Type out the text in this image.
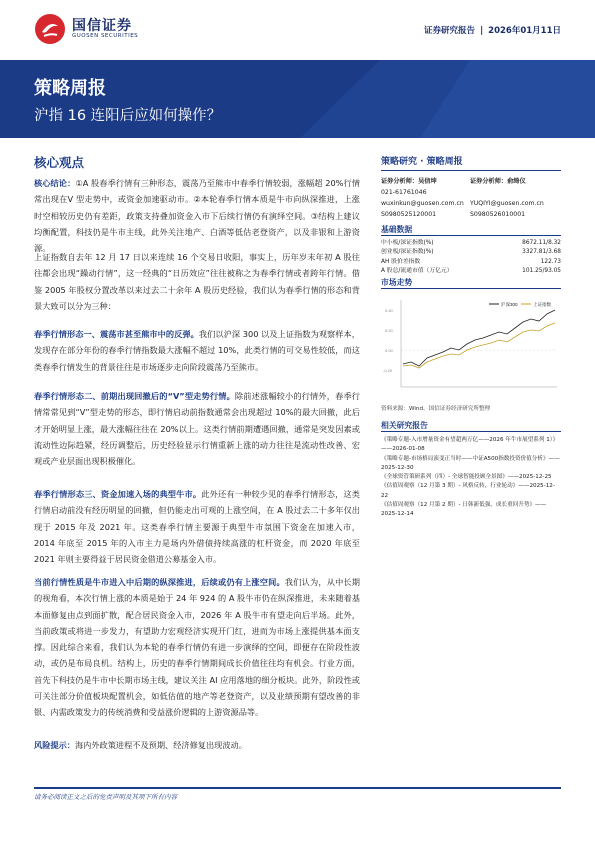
国信证券
GUOSEN SECURITIES	证券研究报告 | 2026年01月11日
策略周报
沪指 16 连阳后应如何操作？
核心观点
核心结论：①A 股春季行情有三种形态，震荡乃至熊市中春季行情较弱，涨幅超 20%行情常出现在V 型走势中，或资金加速驱动市。②本轮春季行情本质是牛市向纵深推进，上涨时空相较历史仍有差距，政策支持叠加资金入市下后续行情仍有演绎空间。③结构上建议均衡配置，科技仍是牛市主线，此外关注地产、白酒等低估老登资产，以及非银和上游资源。
上证指数自去年 12 月 17 日以来连续 16 个交易日收阳，事实上，历年岁末年初 A 股往往都会出现“躁动行情”，这一经典的“日历效应”往往被称之为春季行情或者跨年行情。借鉴 2005 年股权分置改革以来过去二十余年 A 股历史经验，我们认为春季行情的形态和背景大致可以分为三种：
春季行情形态一、震荡市甚至熊市中的反弹。我们以沪深 300 以及上证指数为观察样本，发现存在部分年份的春季行情指数最大涨幅不超过 10%，此类行情的可交易性较低，而这类春季行情发生的背景往往是市场逐步走向阶段震荡乃至熊市。
春季行情形态二、前期出现回撤后的“V”型走势行情。除前述涨幅较小的行情外，春季行情常常见到“V”型走势的形态，即行情启动前指数通常会出现超过 10%的最大回撤，此后才开始明显上涨，最大涨幅往往在 20%以上。这类行情前期遭遇回撤，通常是突发因素或流动性边际趋紧，经历调整后，历史经验显示行情重新上涨的动力往往是流动性改善、宏观或产业层面出现积极催化。
春季行情形态三、资金加速入场的典型牛市。此外还有一种较少见的春季行情形态，这类行情启动前没有经历明显的回撤，但仍能走出可观的上涨空间，在 A 股过去二十多年仅出现于 2015 年及 2021 年。这类春季行情主要源于典型牛市氛围下资金在加速入市，2014 年底至 2015 年的入市主力是场内外借债持续高涨的杠杆资金，而 2020 年底至 2021 年则主要得益于居民资金借道公募基金入市。
当前行情性质是牛市进入中后期的纵深推进，后续或仍有上涨空间。我们认为，从中长期的视角看，本次行情上涨的本质是始于 24 年 924 的 A 股牛市仍在纵深推进，未来随着基本面修复由点到面扩散，配合居民资金入市，2026 年 A 股牛市有望走向后半场。此外，当前政策或将进一步发力，有望助力宏观经济实现开门红，进而为市场上涨提供基本面支撑。因此综合来看，我们认为本轮的春季行情仍有进一步演绎的空间，即便存在阶段性波动，或仍是布局良机。结构上，历史的春季行情期间成长价值往往均有机会。行业方面，首先下科技仍是牛市中长期市场主线，建议关注 AI 应用落地的细分板块。此外，阶段性或可关注部分价值板块配置机会，如低估值的地产等老登资产，以及业绩预期有望改善的非银、内需政策发力的传统消费和受益涨价逻辑的上游资源品等。
风险提示：海内外政策进程不及预期、经济修复出现波动。
策略研究 · 策略周报
证券分析师：吴信坤
021-61761046
wuxinkun@guosen.com.cn
S0980525120001
证券分析师：俞绮仪

YUQIYI@guosen.com.cn
S0980526010001
基础数据
中小板/深证指数(%)	8672.11/8.32
创业板/深证指数(%)	3327.81/3.68
AH 股价差指数	122.73
A 股总/流通市值（万亿元）	101.25/93.05
市场走势
0.40
0.20
0.00
-0.20
沪深300	上证指数
资料来源：Wind、国信证券经济研究所整理
相关研究报告
《策略专题-入市增量资金有望超两万亿——2026 年牛市展望系列 1）》——2026-01-08
《策略专题-市场格局演变正当时——中证A500指数投资价值分析》——2025-12-30
《全球资管策研系列（四）- 全球智能投顾全景图》——2025-12-25
《估值周观察（12 月第 3 期）- 风格反转，行业轮动》——2025-12-22
《估值周观察（12 月第 2 期）- 日韩新低强，成长重回升势》——2025-12-14
请务必阅读正文之后的免责声明及其项下所有内容
